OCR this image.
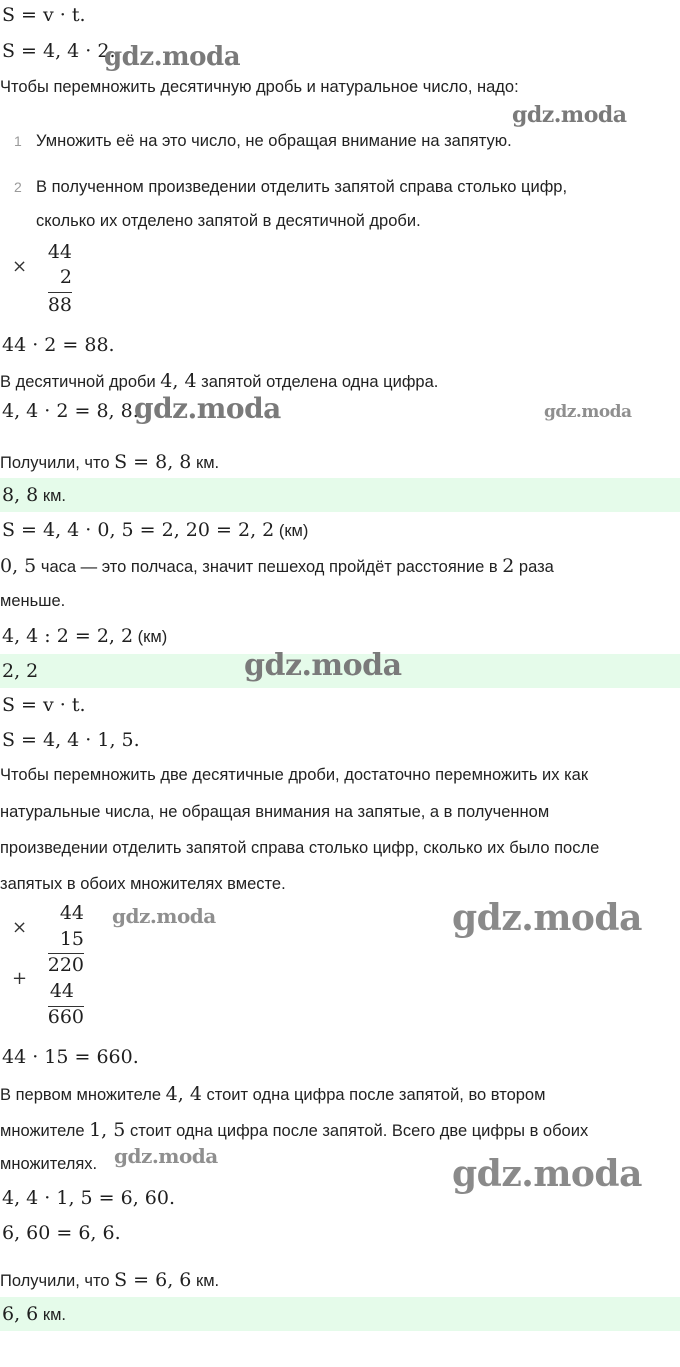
S = v · t.
S = 4, 4 · 2.
Чтобы перемножить десятичную дробь и натуральное число, надо:
1 Умножить её на это число, не обращая внимание на запятую.
2 В полученном произведении отделить запятой справа столько цифр,
сколько их отделено запятой в десятичной дроби.
×
44
2
88
44 · 2 = 88.
В десятичной дроби 4, 4 запятой отделена одна цифра.
4, 4 · 2 = 8, 8.
Получили, что S = 8, 8 км.
8, 8 км.
S = 4, 4 · 0, 5 = 2, 20 = 2, 2 (км)
0, 5 часа — это полчаса, значит пешеход пройдёт расстояние в 2 раза
меньше.
4, 4 : 2 = 2, 2 (км)
2, 2
S = v · t.
S = 4, 4 · 1, 5.
Чтобы перемножить две десятичные дроби, достаточно перемножить их как
натуральные числа, не обращая внимания на запятые, а в полученном
произведении отделить запятой справа столько цифр, сколько их было после
запятых в обоих множителях вместе.
×
+
44
15
220
44
660
44 · 15 = 660.
В первом множителе 4, 4 стоит одна цифра после запятой, во втором
множителе 1, 5 стоит одна цифра после запятой. Всего две цифры в обоих
множителях.
4, 4 · 1, 5 = 6, 60.
6, 60 = 6, 6.
Получили, что S = 6, 6 км.
6, 6 км.
gdz.moda
gdz.moda
gdz.moda	gdz.moda
gdz.moda
gdz.moda	gdz.moda
gdz.moda	gdz.moda
